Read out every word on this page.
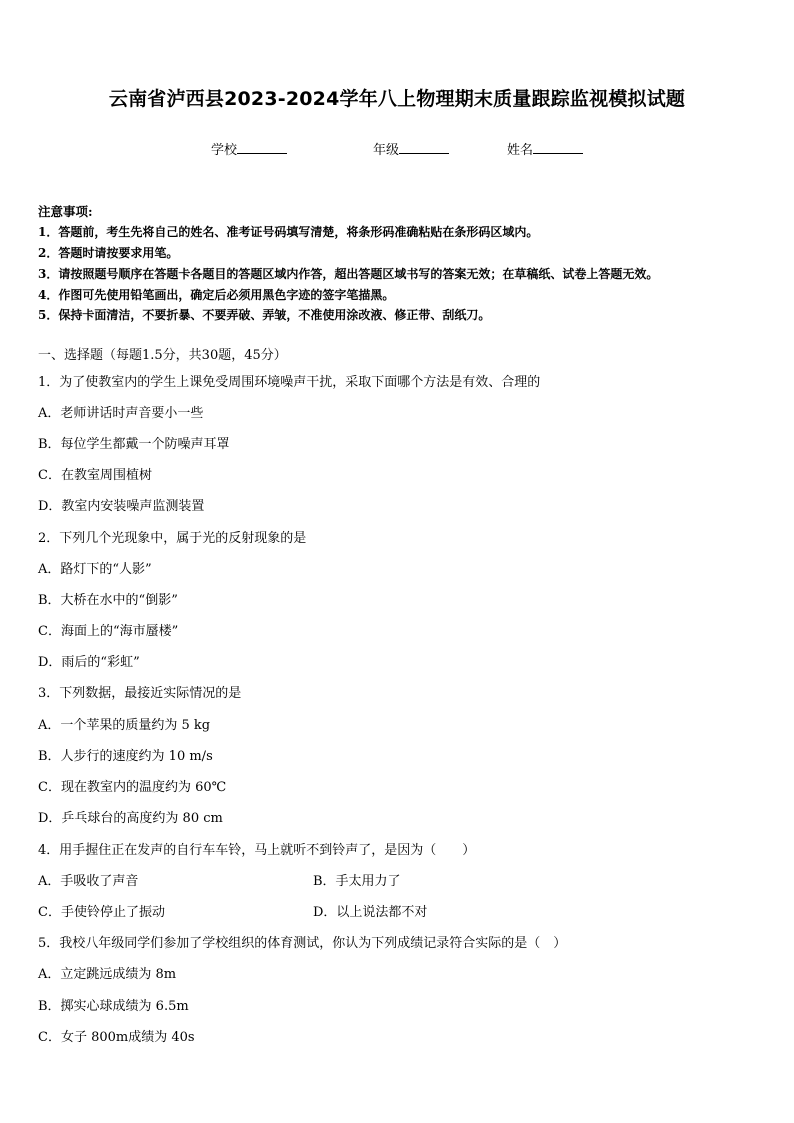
云南省泸西县2023-2024学年八上物理期末质量跟踪监视模拟试题
学校	年级	姓名
注意事项:
1．答题前，考生先将自己的姓名、准考证号码填写清楚，将条形码准确粘贴在条形码区域内。
2．答题时请按要求用笔。
3．请按照题号顺序在答题卡各题目的答题区域内作答，超出答题区域书写的答案无效；在草稿纸、试卷上答题无效。
4．作图可先使用铅笔画出，确定后必须用黑色字迹的签字笔描黑。
5．保持卡面清洁，不要折暴、不要弄破、弄皱，不准使用涂改液、修正带、刮纸刀。
一、选择题（每题1.5分，共30题，45分）
1．为了使教室内的学生上课免受周围环境噪声干扰，采取下面哪个方法是有效、合理的
A．老师讲话时声音要小一些
B．每位学生都戴一个防噪声耳罩
C．在教室周围植树
D．教室内安装噪声监测装置
2．下列几个光现象中，属于光的反射现象的是
A．路灯下的“人影”
B．大桥在水中的“倒影”
C．海面上的“海市蜃楼”
D．雨后的“彩虹”
3．下列数据，最接近实际情况的是
A．一个苹果的质量约为 5 kg
B．人步行的速度约为 10 m/s
C．现在教室内的温度约为 60℃
D．乒乓球台的高度约为 80 cm
4．用手握住正在发声的自行车车铃，马上就听不到铃声了，是因为（　　）
A．手吸收了声音	B．手太用力了
C．手使铃停止了振动	D．以上说法都不对
5．我校八年级同学们参加了学校组织的体育测试，你认为下列成绩记录符合实际的是（　）
A．立定跳远成绩为 8m
B．掷实心球成绩为 6.5m
C．女子 800m成绩为 40s
